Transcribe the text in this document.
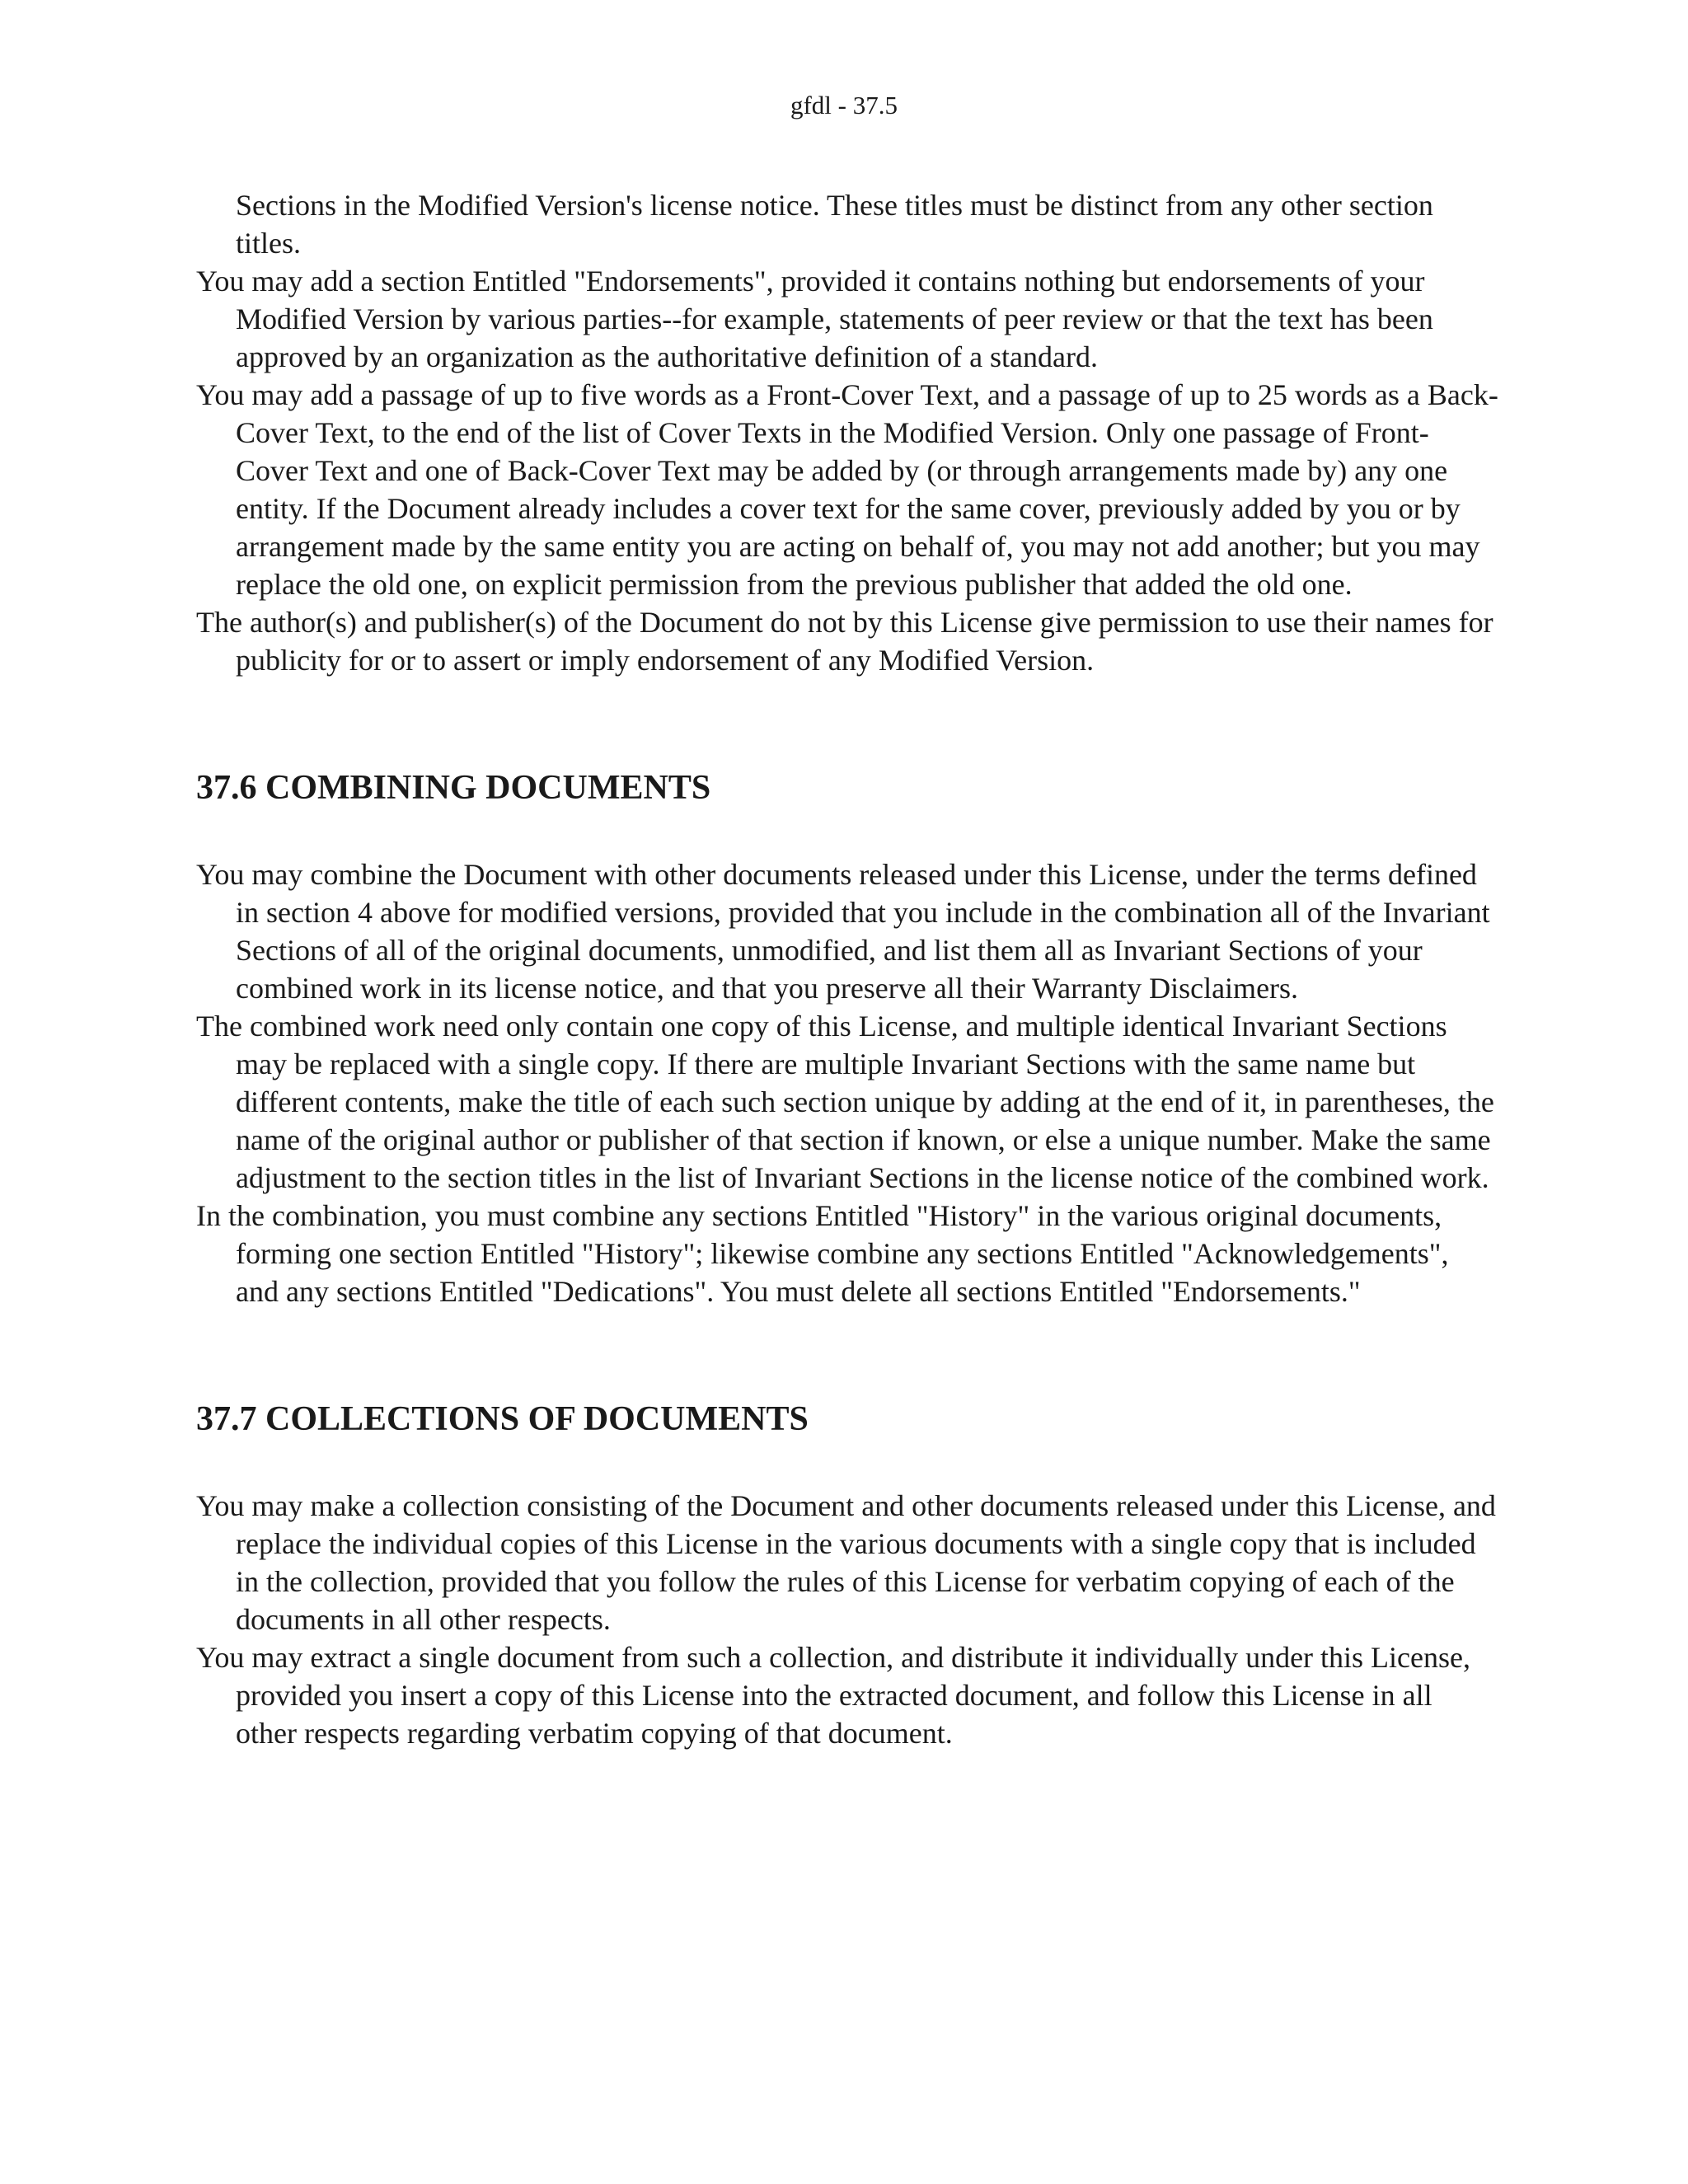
gfdl - 37.5

Sections in the Modified Version's license notice. These titles must be distinct from any other section titles.

You may add a section Entitled "Endorsements", provided it contains nothing but endorsements of your Modified Version by various parties--for example, statements of peer review or that the text has been approved by an organization as the authoritative definition of a standard.

You may add a passage of up to five words as a Front-Cover Text, and a passage of up to 25 words as a Back-Cover Text, to the end of the list of Cover Texts in the Modified Version. Only one passage of Front-Cover Text and one of Back-Cover Text may be added by (or through arrangements made by) any one entity. If the Document already includes a cover text for the same cover, previously added by you or by arrangement made by the same entity you are acting on behalf of, you may not add another; but you may replace the old one, on explicit permission from the previous publisher that added the old one.

The author(s) and publisher(s) of the Document do not by this License give permission to use their names for publicity for or to assert or imply endorsement of any Modified Version.

37.6 COMBINING DOCUMENTS

You may combine the Document with other documents released under this License, under the terms defined in section 4 above for modified versions, provided that you include in the combination all of the Invariant Sections of all of the original documents, unmodified, and list them all as Invariant Sections of your combined work in its license notice, and that you preserve all their Warranty Disclaimers.

The combined work need only contain one copy of this License, and multiple identical Invariant Sections may be replaced with a single copy. If there are multiple Invariant Sections with the same name but different contents, make the title of each such section unique by adding at the end of it, in parentheses, the name of the original author or publisher of that section if known, or else a unique number. Make the same adjustment to the section titles in the list of Invariant Sections in the license notice of the combined work.

In the combination, you must combine any sections Entitled "History" in the various original documents, forming one section Entitled "History"; likewise combine any sections Entitled "Acknowledgements", and any sections Entitled "Dedications". You must delete all sections Entitled "Endorsements."

37.7 COLLECTIONS OF DOCUMENTS

You may make a collection consisting of the Document and other documents released under this License, and replace the individual copies of this License in the various documents with a single copy that is included in the collection, provided that you follow the rules of this License for verbatim copying of each of the documents in all other respects.

You may extract a single document from such a collection, and distribute it individually under this License, provided you insert a copy of this License into the extracted document, and follow this License in all other respects regarding verbatim copying of that document.
